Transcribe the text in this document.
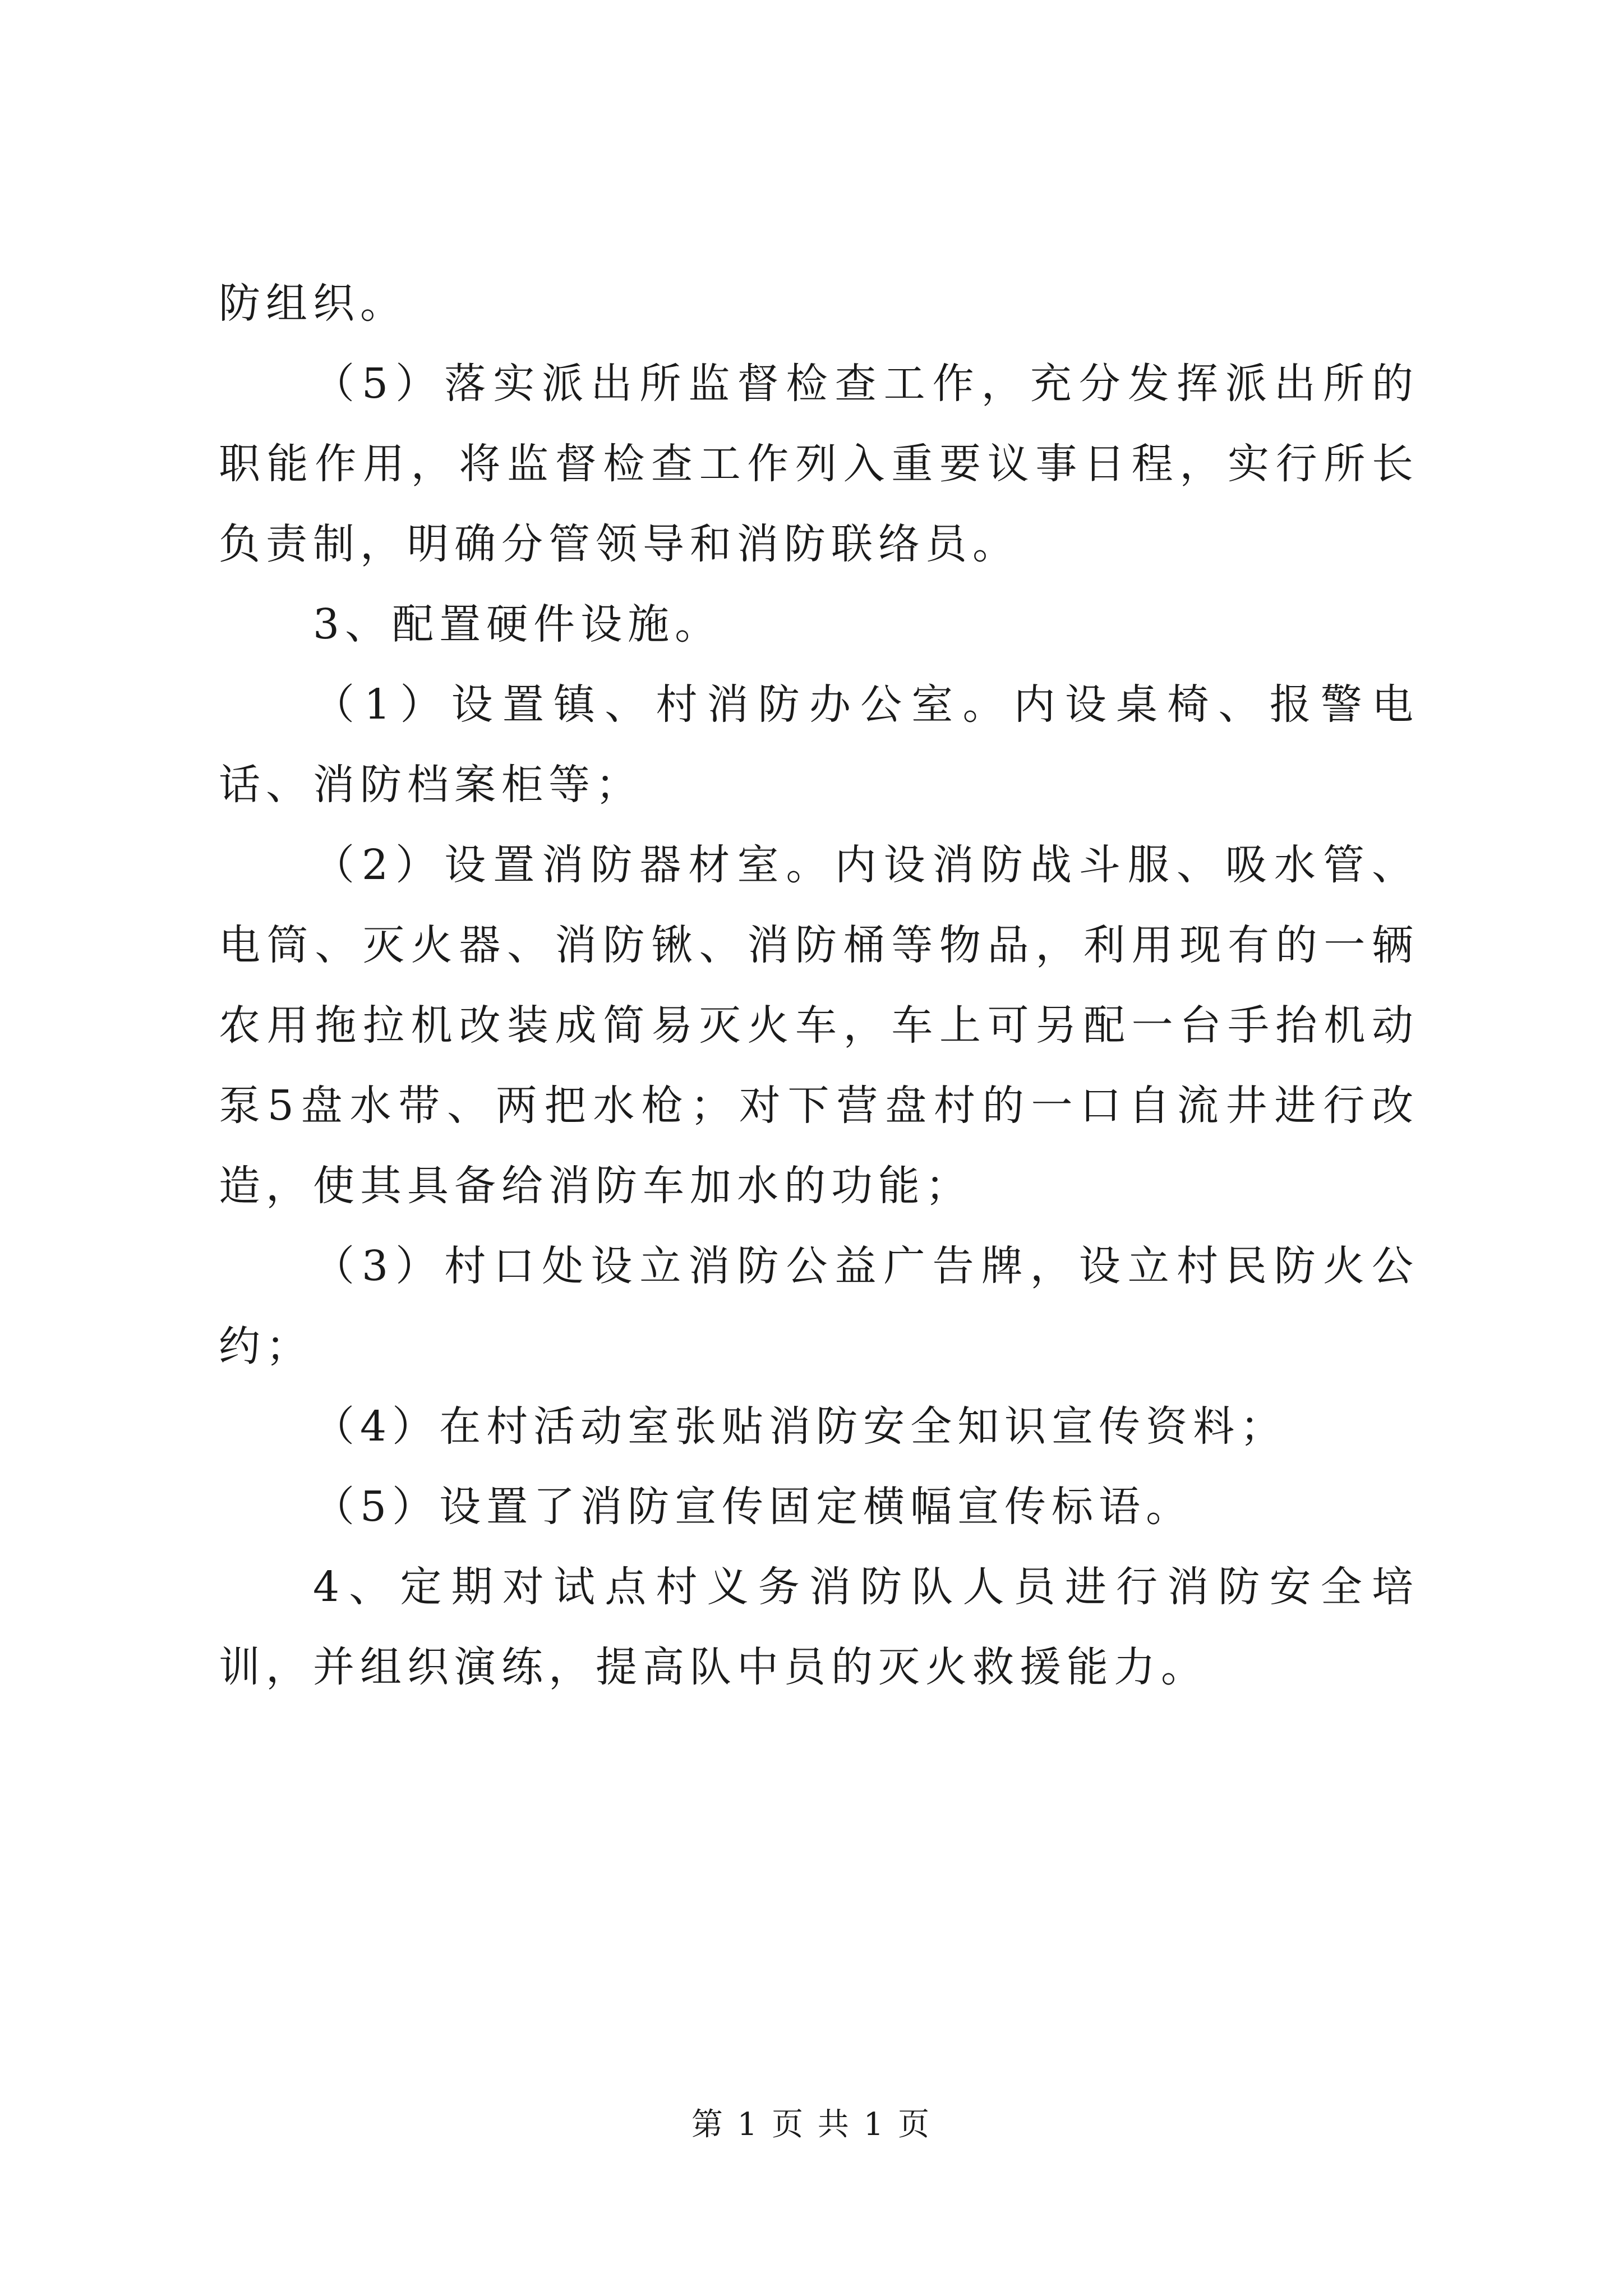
防组织。

（5）落实派出所监督检查工作，充分发挥派出所的职能作用，将监督检查工作列入重要议事日程，实行所长负责制，明确分管领导和消防联络员。

3、配置硬件设施。

（1）设置镇、村消防办公室。内设桌椅、报警电话、消防档案柜等；

（2）设置消防器材室。内设消防战斗服、吸水管、电筒、灭火器、消防锹、消防桶等物品，利用现有的一辆农用拖拉机改装成简易灭火车，车上可另配一台手抬机动泵5盘水带、两把水枪；对下营盘村的一口自流井进行改造，使其具备给消防车加水的功能；

（3）村口处设立消防公益广告牌，设立村民防火公约；

（4）在村活动室张贴消防安全知识宣传资料；

（5）设置了消防宣传固定横幅宣传标语。

4、定期对试点村义务消防队人员进行消防安全培训，并组织演练，提高队中员的灭火救援能力。

第 1 页 共 1 页
